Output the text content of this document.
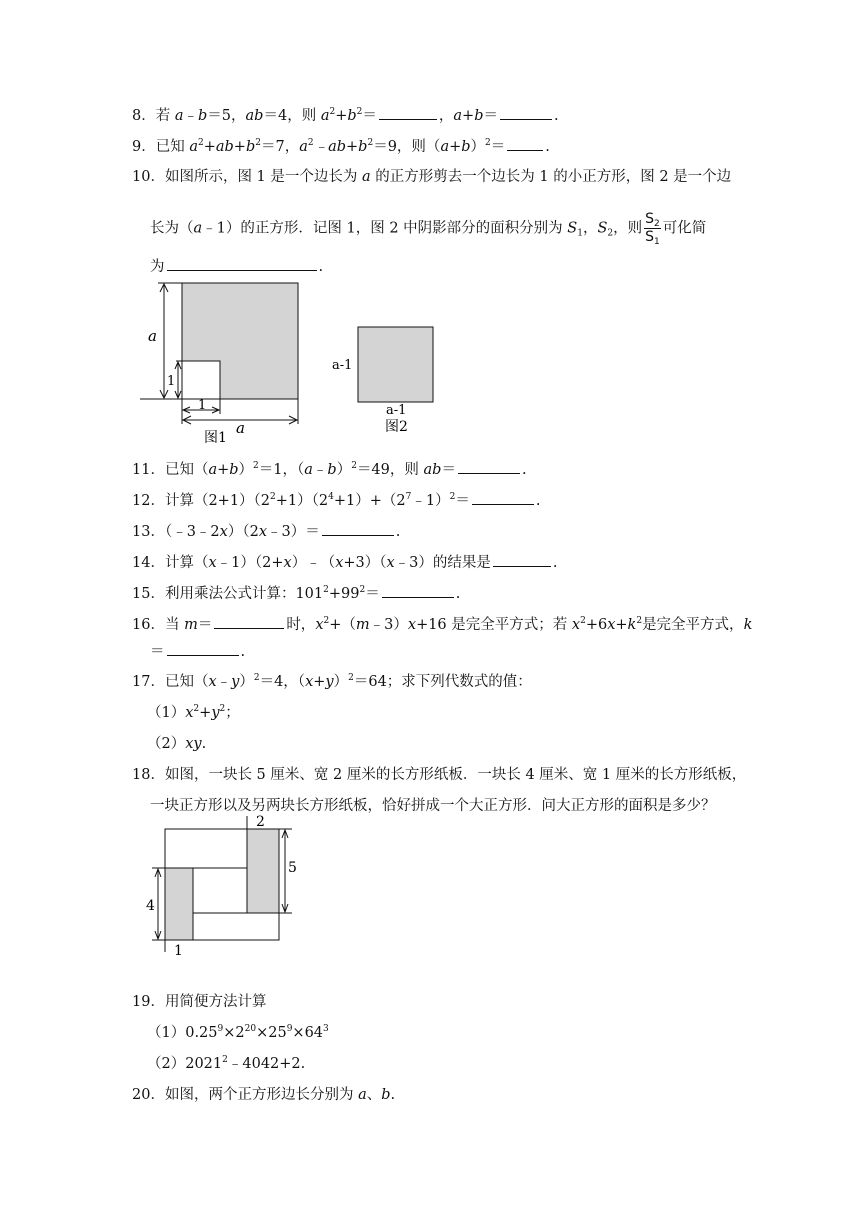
8．若 a﹣b＝5，ab＝4，则 $a^2+b^2=$	，a+b＝	.
9．已知 $a^2+ab+b^2=7$，$a^2﹣ab+b^2=9$，则$(a+b)^2=$	.
10．如图所示，图 1 是一个边长为 a 的正方形剪去一个边长为 1 的小正方形，图 2 是一个边
长为（a﹣1）的正方形．记图 1，图 2 中阴影部分的面积分别为 $S_1$，$S_2$，则 $\frac{S_2}{S_1}$ 可化简
为	.
a
1
1
a
图1
a-1
a-1
图2
11．已知$(a+b)^2=1$，（a﹣b）$^2$＝49，则 ab＝	.
12．计算$(2+1)(2^2+1)(2^4+1)+(2^7﹣1)^2=$	.
13．（﹣3﹣2x）（2x﹣3）＝	.
14．计算（x﹣1）（2+x）﹣（x+3）（x﹣3）的结果是	.
15．利用乘法公式计算：$101^2+99^2=$	.
16．当 m＝	时，$x^2+(m﹣3)x+16$ 是完全平方式；若 $x^2+6x+k^2$是完全平方式，k
＝	.
17．已知（x﹣y）$^2$＝4，$(x+y)^2=64$；求下列代数式的值：
$(1)x^2+y^2$；
（2）xy.
18．如图，一块长 5 厘米、宽 2 厘米的长方形纸板．一块长 4 厘米、宽 1 厘米的长方形纸板，
一块正方形以及另两块长方形纸板，恰好拼成一个大正方形．问大正方形的面积是多少？
2
5
4
1
19．用简便方法计算
$(1)0.25^9\times 2^{20}\times 25^9\times 64^3$
$(2)2021^2﹣4042+2$.
20．如图，两个正方形边长分别为 a、b.
